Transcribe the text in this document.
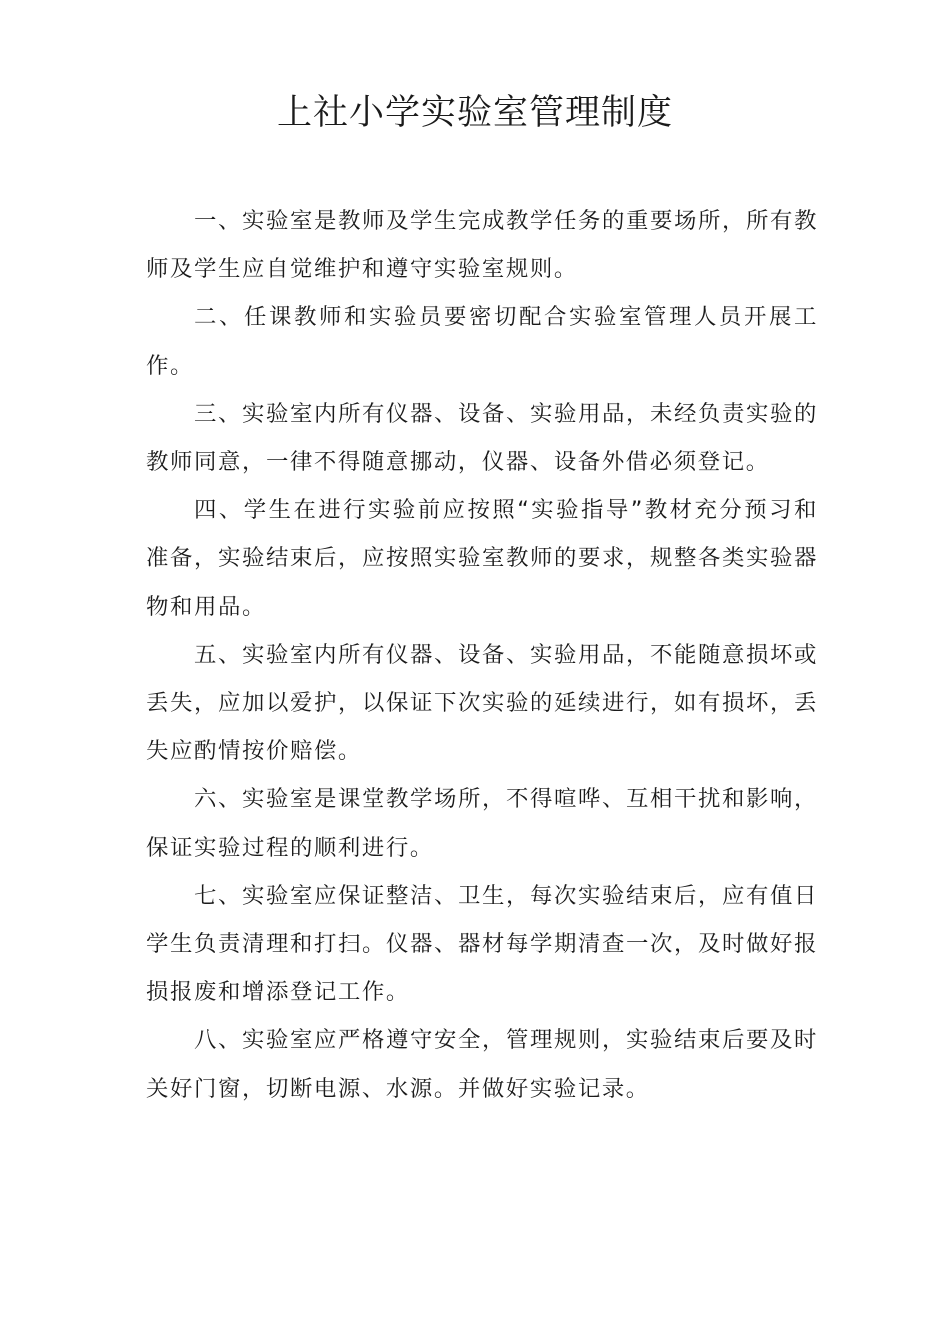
上社小学实验室管理制度

一、实验室是教师及学生完成教学任务的重要场所，所有教师及学生应自觉维护和遵守实验室规则。

二、任课教师和实验员要密切配合实验室管理人员开展工作。

三、实验室内所有仪器、设备、实验用品，未经负责实验的教师同意，一律不得随意挪动，仪器、设备外借必须登记。

四、学生在进行实验前应按照“实验指导”教材充分预习和准备，实验结束后，应按照实验室教师的要求，规整各类实验器物和用品。

五、实验室内所有仪器、设备、实验用品，不能随意损坏或丢失，应加以爱护，以保证下次实验的延续进行，如有损坏，丢失应酌情按价赔偿。

六、实验室是课堂教学场所，不得喧哗、互相干扰和影响，保证实验过程的顺利进行。

七、实验室应保证整洁、卫生，每次实验结束后，应有值日学生负责清理和打扫。仪器、器材每学期清查一次，及时做好报损报废和增添登记工作。

八、实验室应严格遵守安全，管理规则，实验结束后要及时关好门窗，切断电源、水源。并做好实验记录。
